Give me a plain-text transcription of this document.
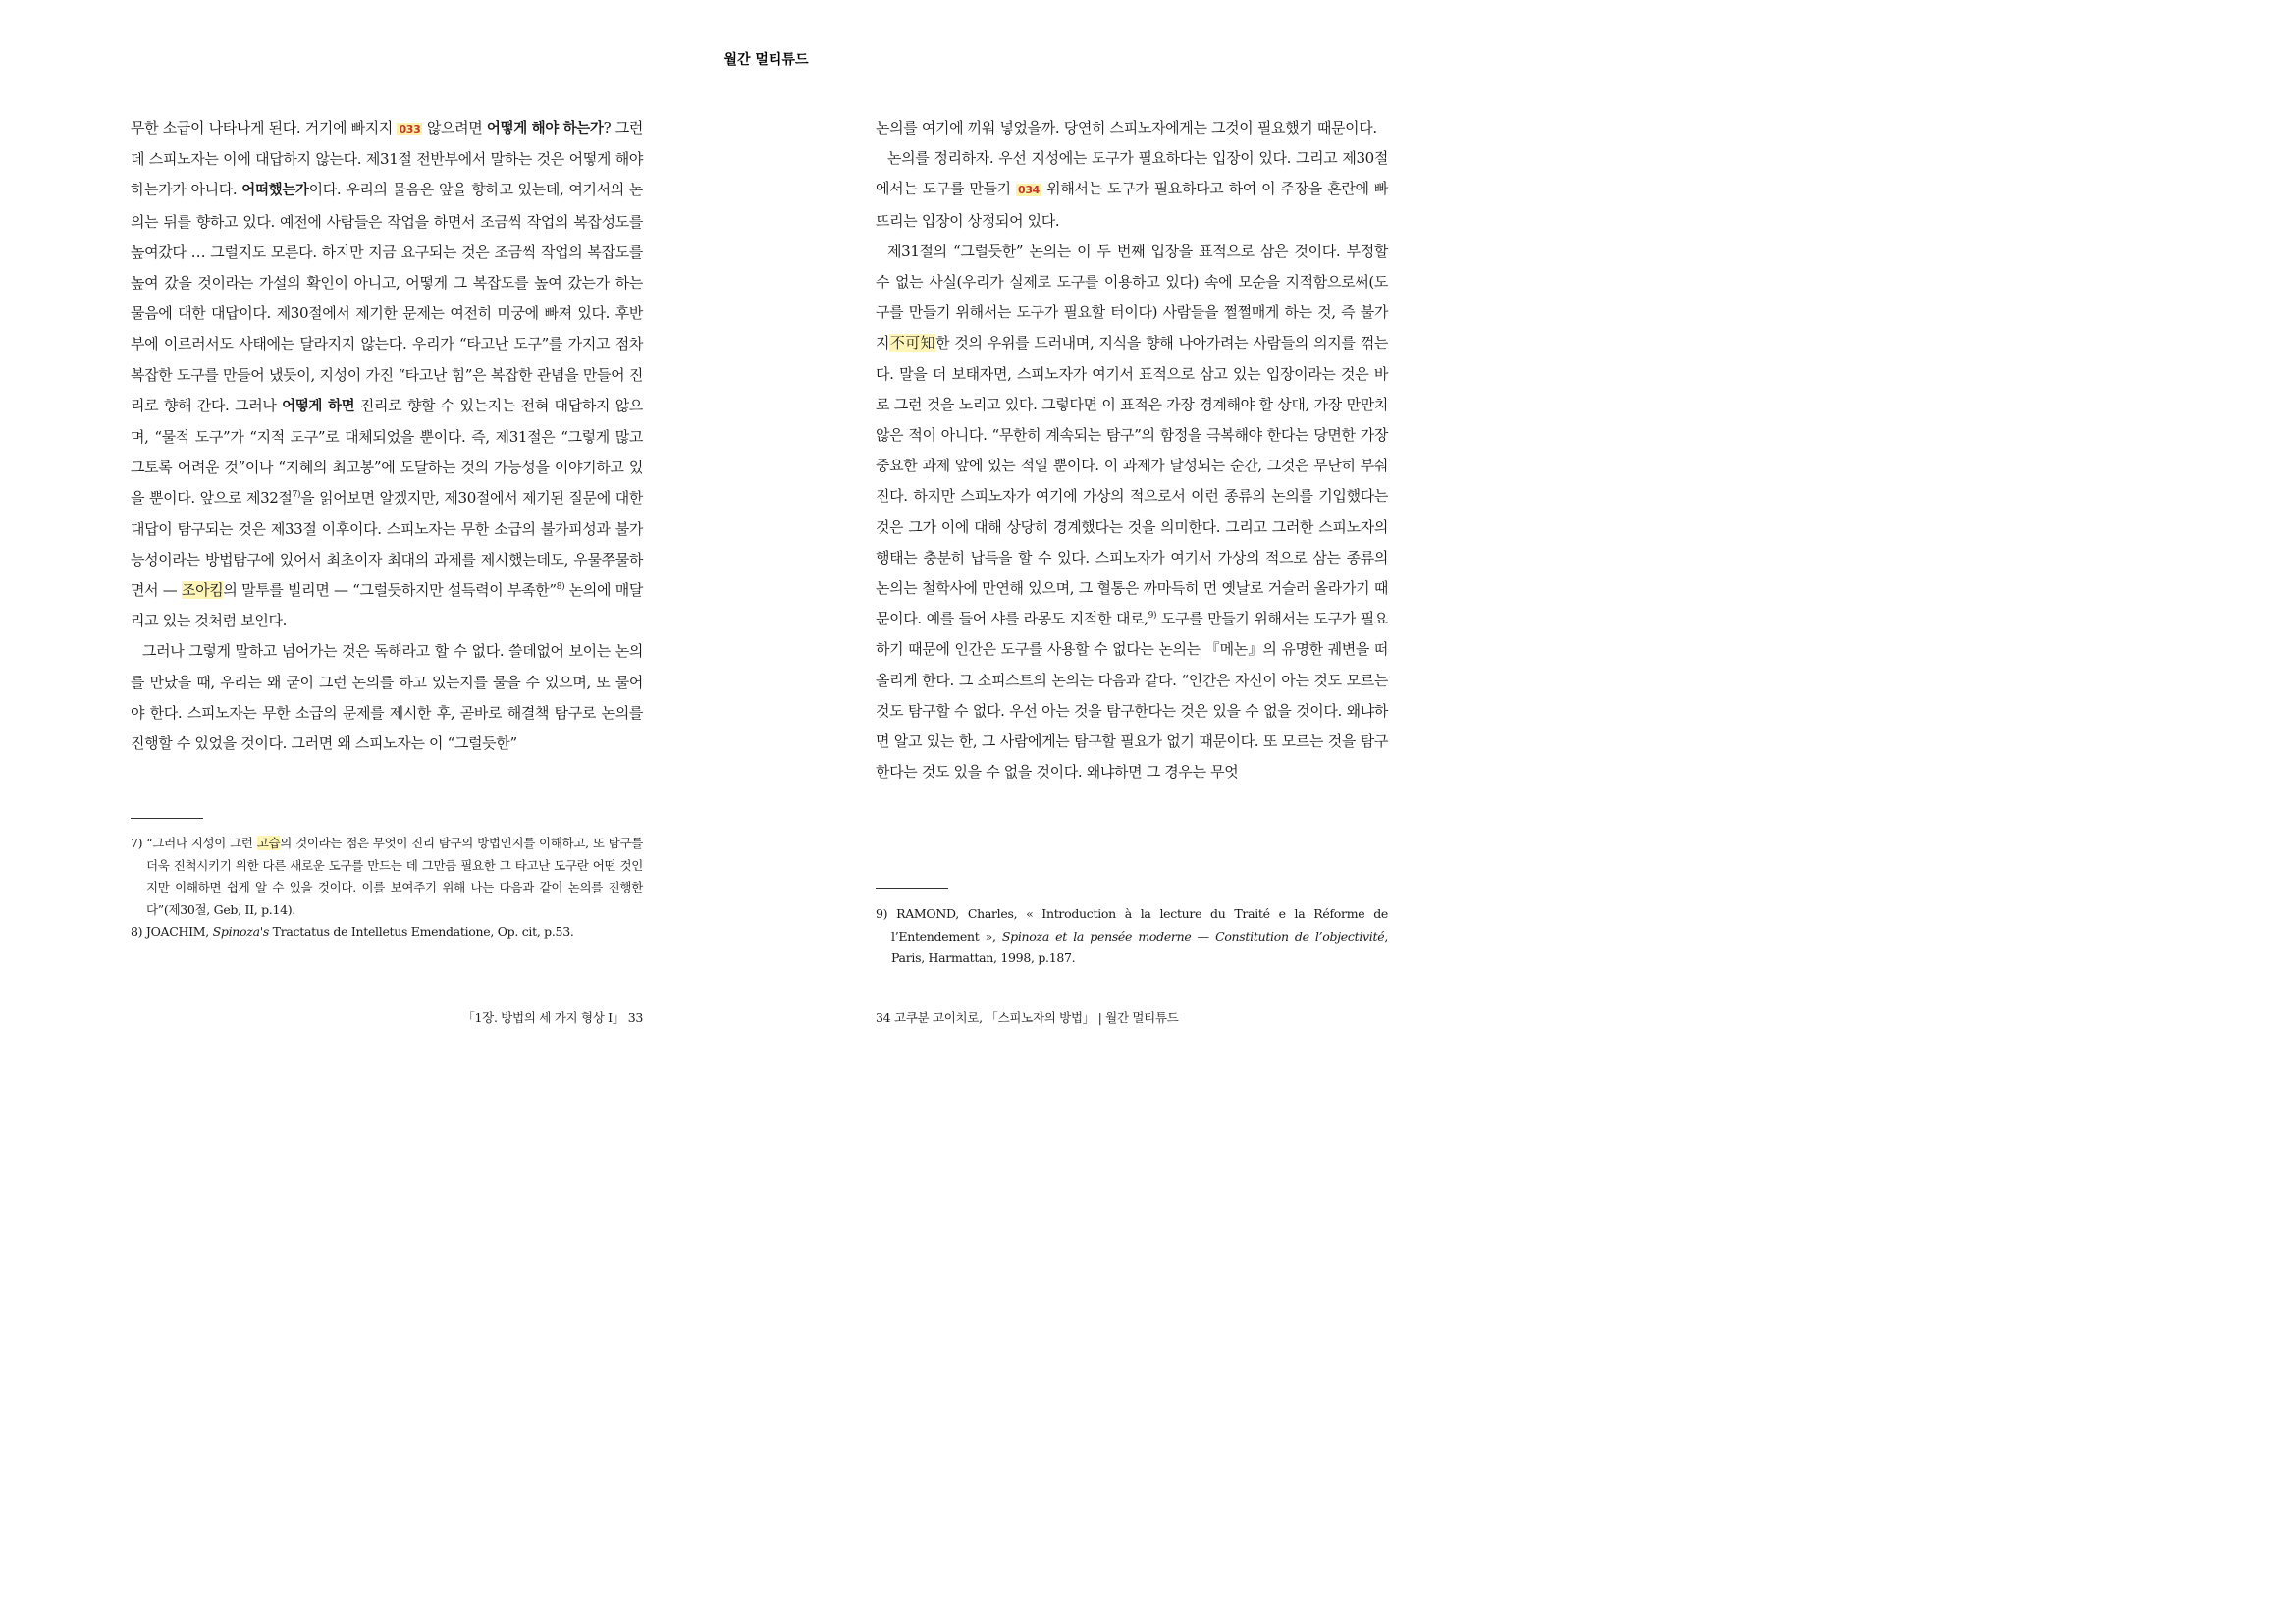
월간 멀티튜드

무한 소급이 나타나게 된다. 거기에 빠지지 033 않으려면 어떻게 해야 하는가? 그런데 스피노자는 이에 대답하지 않는다. 제31절 전반부에서 말하는 것은 어떻게 해야 하는가가 아니다. 어떠했는가이다. 우리의 물음은 앞을 향하고 있는데, 여기서의 논의는 뒤를 향하고 있다. 예전에 사람들은 작업을 하면서 조금씩 작업의 복잡성도를 높여갔다 … 그럴지도 모른다. 하지만 지금 요구되는 것은 조금씩 작업의 복잡도를 높여 갔을 것이라는 가설의 확인이 아니고, 어떻게 그 복잡도를 높여 갔는가 하는 물음에 대한 대답이다. 제30절에서 제기한 문제는 여전히 미궁에 빠져 있다. 후반부에 이르러서도 사태에는 달라지지 않는다. 우리가 “타고난 도구”를 가지고 점차 복잡한 도구를 만들어 냈듯이, 지성이 가진 “타고난 힘”은 복잡한 관념을 만들어 진리로 향해 간다. 그러나 어떻게 하면 진리로 향할 수 있는지는 전혀 대답하지 않으며, “물적 도구”가 “지적 도구”로 대체되었을 뿐이다. 즉, 제31절은 “그렇게 많고 그토록 어려운 것”이나 “지혜의 최고봉”에 도달하는 것의 가능성을 이야기하고 있을 뿐이다. 앞으로 제32절$^{7)}$을 읽어보면 알겠지만, 제30절에서 제기된 질문에 대한 대답이 탐구되는 것은 제33절 이후이다. 스피노자는 무한 소급의 불가피성과 불가능성이라는 방법탐구에 있어서 최초이자 최대의 과제를 제시했는데도, 우물쭈물하면서 — 조아킴의 말투를 빌리면 — “그럴듯하지만 설득력이 부족한”$^{8)}$ 논의에 매달리고 있는 것처럼 보인다.

그러나 그렇게 말하고 넘어가는 것은 독해라고 할 수 없다. 쓸데없어 보이는 논의를 만났을 때, 우리는 왜 굳이 그런 논의를 하고 있는지를 물을 수 있으며, 또 물어야 한다. 스피노자는 무한 소급의 문제를 제시한 후, 곧바로 해결책 탐구로 논의를 진행할 수 있었을 것이다. 그러면 왜 스피노자는 이 “그럴듯한”

7) “그러나 지성이 그런 고습의 것이라는 점은 무엇이 진리 탐구의 방법인지를 이해하고, 또 탐구를 더욱 진척시키기 위한 다른 새로운 도구를 만드는 데 그만큼 필요한 그 타고난 도구란 어떤 것인지만 이해하면 쉽게 알 수 있을 것이다. 이를 보여주기 위해 나는 다음과 같이 논의를 진행한다”(제30절, Geb, II, p.14).

8) JOACHIM, Spinoza's Tractatus de Intelletus Emendatione, Op. cit, p.53.

「1장. 방법의 세 가지 형상 I」 33

논의를 여기에 끼워 넣었을까. 당연히 스피노자에게는 그것이 필요했기 때문이다.

논의를 정리하자. 우선 지성에는 도구가 필요하다는 입장이 있다. 그리고 제30절에서는 도구를 만들기 034 위해서는 도구가 필요하다고 하여 이 주장을 혼란에 빠뜨리는 입장이 상정되어 있다.

제31절의 “그럴듯한” 논의는 이 두 번째 입장을 표적으로 삼은 것이다. 부정할 수 없는 사실(우리가 실제로 도구를 이용하고 있다) 속에 모순을 지적함으로써(도구를 만들기 위해서는 도구가 필요할 터이다) 사람들을 쩔쩔매게 하는 것, 즉 불가지不可知한 것의 우위를 드러내며, 지식을 향해 나아가려는 사람들의 의지를 꺾는다. 말을 더 보태자면, 스피노자가 여기서 표적으로 삼고 있는 입장이라는 것은 바로 그런 것을 노리고 있다. 그렇다면 이 표적은 가장 경계해야 할 상대, 가장 만만치 않은 적이 아니다. “무한히 계속되는 탐구”의 함정을 극복해야 한다는 당면한 가장 중요한 과제 앞에 있는 적일 뿐이다. 이 과제가 달성되는 순간, 그것은 무난히 부숴진다. 하지만 스피노자가 여기에 가상의 적으로서 이런 종류의 논의를 기입했다는 것은 그가 이에 대해 상당히 경계했다는 것을 의미한다. 그리고 그러한 스피노자의 행태는 충분히 납득을 할 수 있다. 스피노자가 여기서 가상의 적으로 삼는 종류의 논의는 철학사에 만연해 있으며, 그 혈통은 까마득히 먼 옛날로 거슬러 올라가기 때문이다. 예를 들어 샤를 라몽도 지적한 대로,$^{9)}$ 도구를 만들기 위해서는 도구가 필요하기 때문에 인간은 도구를 사용할 수 없다는 논의는 『메논』의 유명한 궤변을 떠올리게 한다. 그 소피스트의 논의는 다음과 같다. “인간은 자신이 아는 것도 모르는 것도 탐구할 수 없다. 우선 아는 것을 탐구한다는 것은 있을 수 없을 것이다. 왜냐하면 알고 있는 한, 그 사람에게는 탐구할 필요가 없기 때문이다. 또 모르는 것을 탐구한다는 것도 있을 수 없을 것이다. 왜냐하면 그 경우는 무엇

9) RAMOND, Charles, « Introduction à la lecture du Traité e la Réforme de l’Entendement », Spinoza et la pensée moderne — Constitution de l’objectivité, Paris, Harmattan, 1998, p.187.

34 고쿠분 고이치로, 「스피노자의 방법」 | 월간 멀티튜드
